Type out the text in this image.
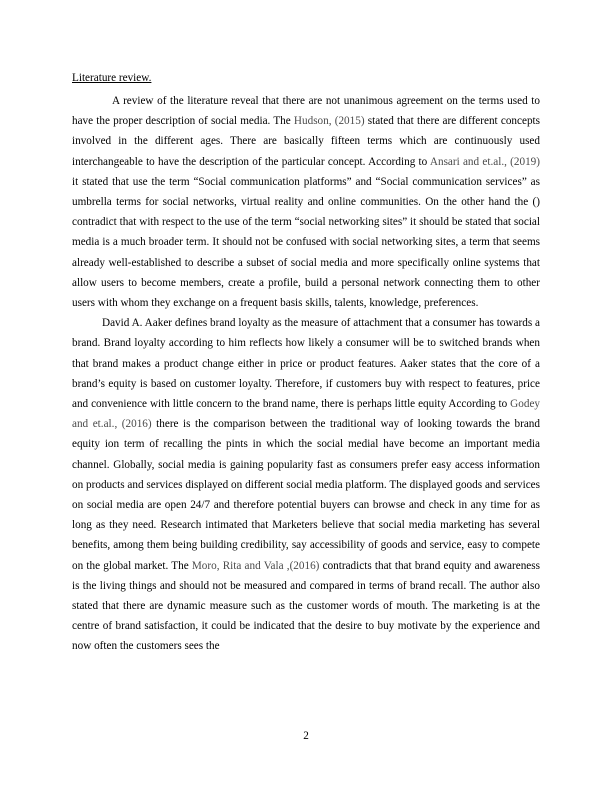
Literature review.

A review of the literature reveal that there are not unanimous agreement on the terms used to have the proper description of social media. The Hudson, (2015) stated that there are different concepts involved in the different ages. There are basically fifteen terms which are continuously used interchangeable to have the description of the particular concept. According to Ansari and et.al., (2019) it stated that use the term “Social communication platforms” and “Social communication services” as umbrella terms for social networks, virtual reality and online communities. On the other hand the () contradict that with respect to the use of the term “social networking sites” it should be stated that social media is a much broader term. It should not be confused with social networking sites, a term that seems already well-established to describe a subset of social media and more specifically online systems that allow users to become members, create a profile, build a personal network connecting them to other users with whom they exchange on a frequent basis skills, talents, knowledge, preferences.

David A. Aaker defines brand loyalty as the measure of attachment that a consumer has towards a brand. Brand loyalty according to him reflects how likely a consumer will be to switched brands when that brand makes a product change either in price or product features. Aaker states that the core of a brand’s equity is based on customer loyalty. Therefore, if customers buy with respect to features, price and convenience with little concern to the brand name, there is perhaps little equity According to Godey and et.al., (2016) there is the comparison between the traditional way of looking towards the brand equity ion term of recalling the pints in which the social medial have become an important media channel. Globally, social media is gaining popularity fast as consumers prefer easy access information on products and services displayed on different social media platform. The displayed goods and services on social media are open 24/7 and therefore potential buyers can browse and check in any time for as long as they need. Research intimated that Marketers believe that social media marketing has several benefits, among them being building credibility, say accessibility of goods and service, easy to compete on the global market. The Moro, Rita and Vala ,(2016) contradicts that that brand equity and awareness is the living things and should not be measured and compared in terms of brand recall. The author also stated that there are dynamic measure such as the customer words of mouth. The marketing is at the centre of brand satisfaction, it could be indicated that the desire to buy motivate by the experience and now often the customers sees the

2
